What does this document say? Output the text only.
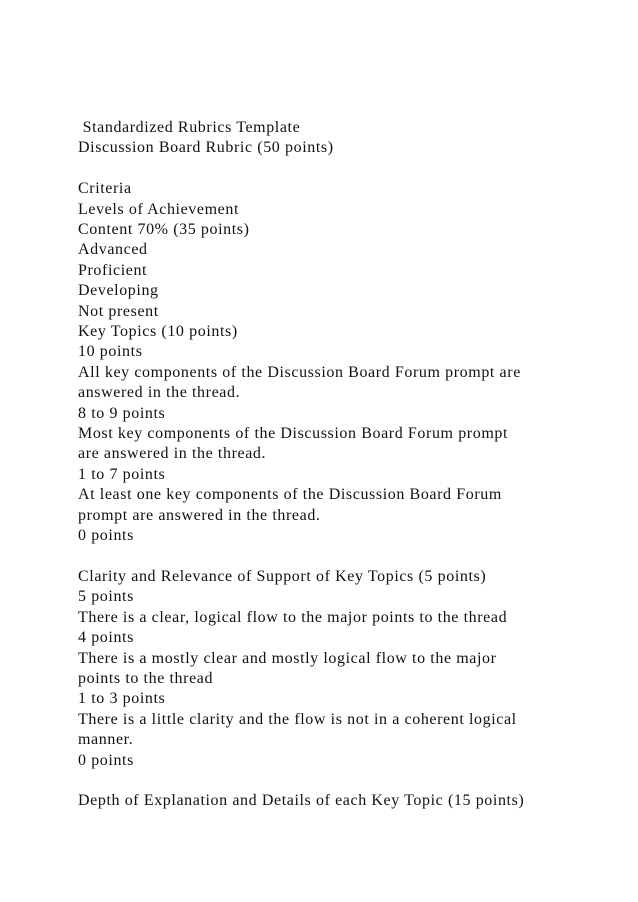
Standardized Rubrics Template
Discussion Board Rubric (50 points)
Criteria
Levels of Achievement
Content 70% (35 points)
Advanced
Proficient
Developing
Not present
Key Topics (10 points)
10 points
All key components of the Discussion Board Forum prompt are
answered in the thread.
8 to 9 points
Most key components of the Discussion Board Forum prompt
are answered in the thread.
1 to 7 points
At least one key components of the Discussion Board Forum
prompt are answered in the thread.
0 points
Clarity and Relevance of Support of Key Topics (5 points)
5 points
There is a clear, logical flow to the major points to the thread
4 points
There is a mostly clear and mostly logical flow to the major
points to the thread
1 to 3 points
There is a little clarity and the flow is not in a coherent logical
manner.
0 points
Depth of Explanation and Details of each Key Topic (15 points)
